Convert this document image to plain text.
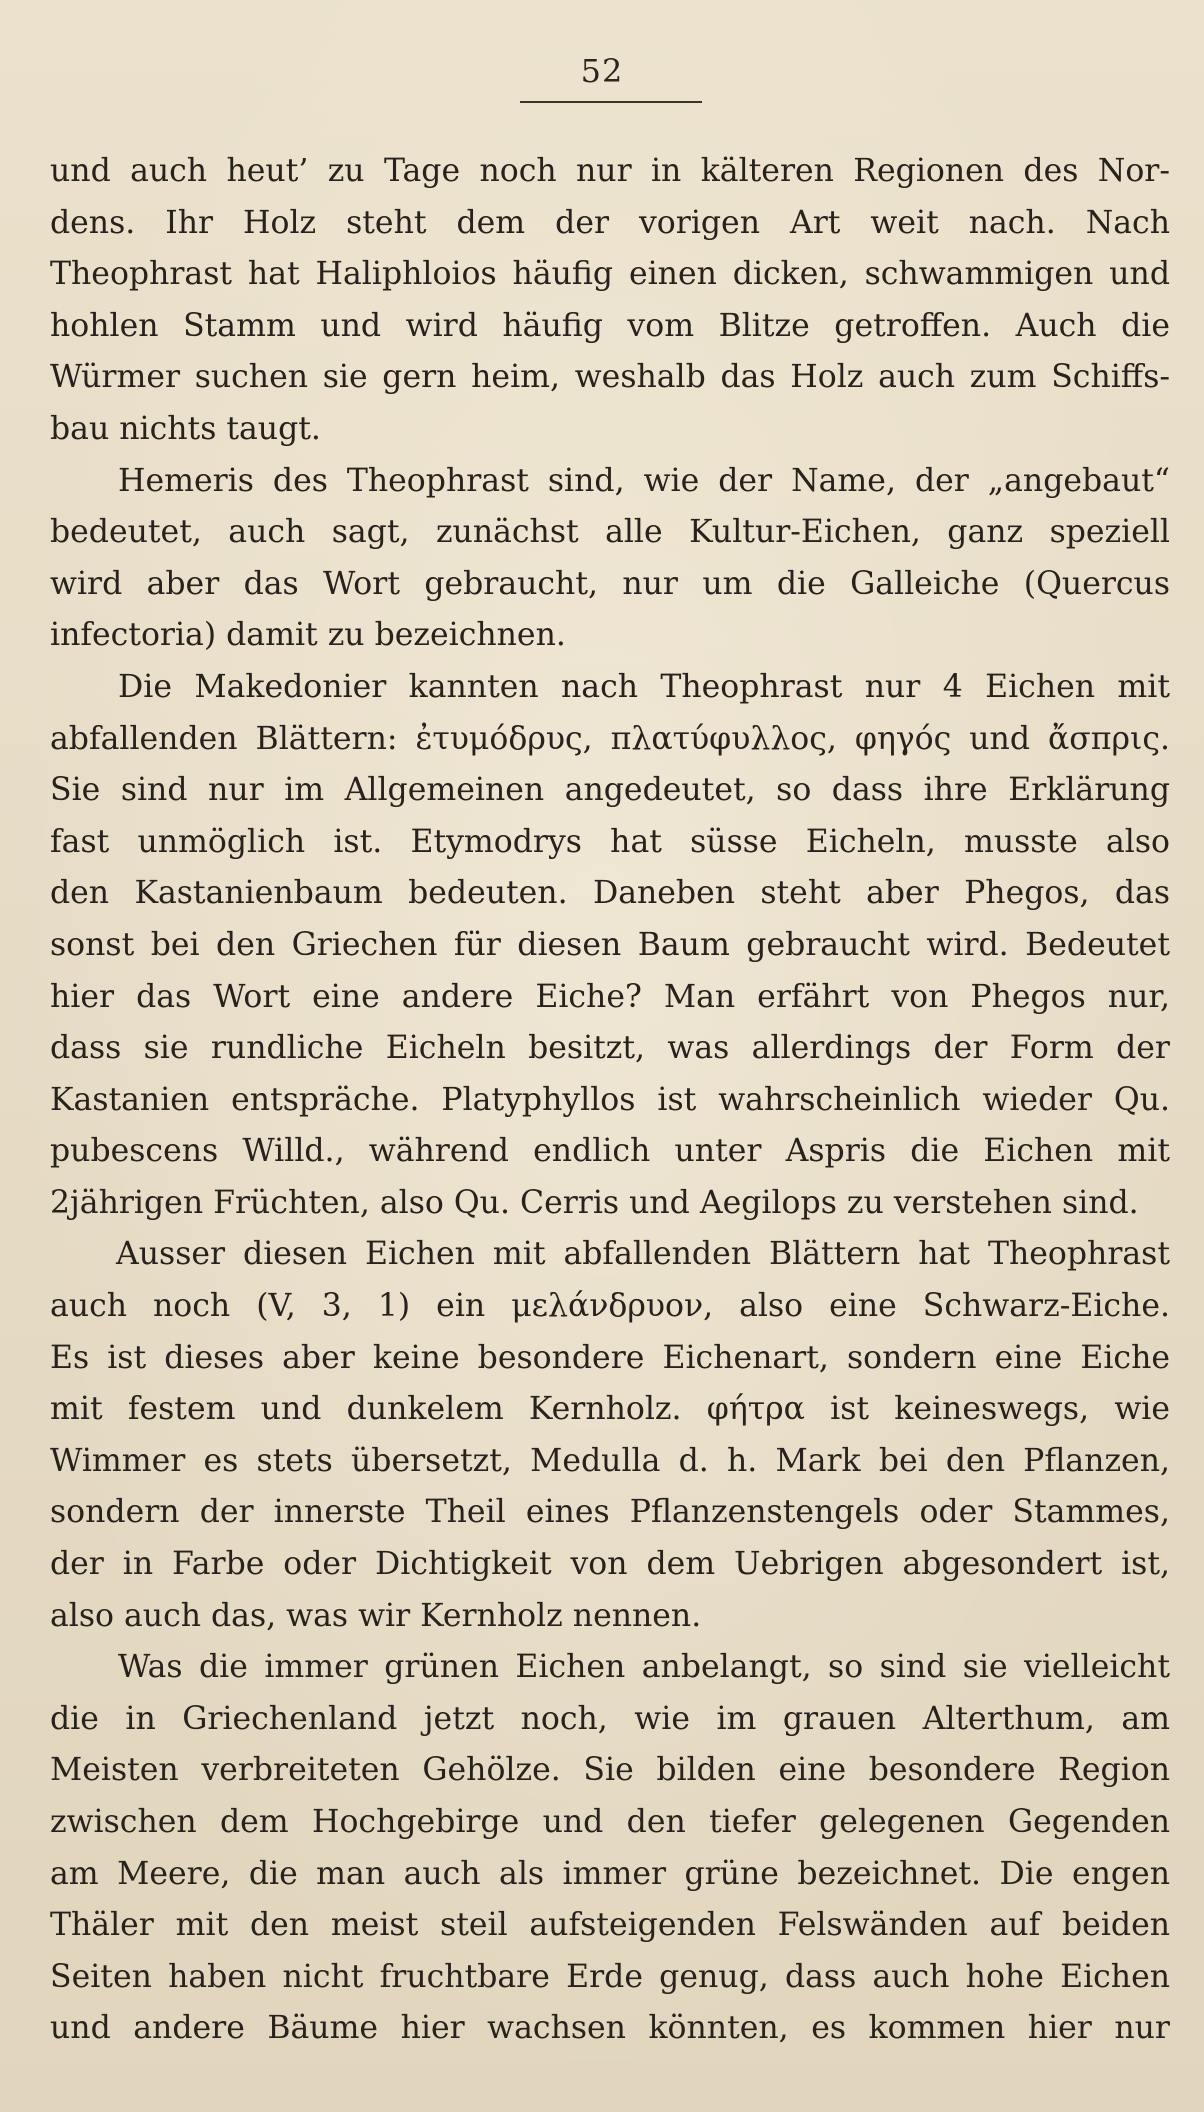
52
und auch heut’ zu Tage noch nur in kälteren Regionen des Nor-
dens. Ihr Holz steht dem der vorigen Art weit nach. Nach
Theophrast hat Haliphloios häufig einen dicken, schwammigen und
hohlen Stamm und wird häufig vom Blitze getroffen. Auch die
Würmer suchen sie gern heim, weshalb das Holz auch zum Schiffs-
bau nichts taugt.
Hemeris des Theophrast sind, wie der Name, der „angebaut“
bedeutet, auch sagt, zunächst alle Kultur-Eichen, ganz speziell
wird aber das Wort gebraucht, nur um die Galleiche (Quercus
infectoria) damit zu bezeichnen.
Die Makedonier kannten nach Theophrast nur 4 Eichen mit
abfallenden Blättern: ἐτυμόδρυς, πλατύφυλλος, φηγός und ἄσπρις.
Sie sind nur im Allgemeinen angedeutet, so dass ihre Erklärung
fast unmöglich ist. Etymodrys hat süsse Eicheln, musste also
den Kastanienbaum bedeuten. Daneben steht aber Phegos, das
sonst bei den Griechen für diesen Baum gebraucht wird. Bedeutet
hier das Wort eine andere Eiche? Man erfährt von Phegos nur,
dass sie rundliche Eicheln besitzt, was allerdings der Form der
Kastanien entspräche. Platyphyllos ist wahrscheinlich wieder Qu.
pubescens Willd., während endlich unter Aspris die Eichen mit
2jährigen Früchten, also Qu. Cerris und Aegilops zu verstehen sind.
Ausser diesen Eichen mit abfallenden Blättern hat Theophrast
auch noch (V, 3, 1) ein μελάνδρυον, also eine Schwarz-Eiche.
Es ist dieses aber keine besondere Eichenart, sondern eine Eiche
mit festem und dunkelem Kernholz. φήτρα ist keineswegs, wie
Wimmer es stets übersetzt, Medulla d. h. Mark bei den Pflanzen,
sondern der innerste Theil eines Pflanzenstengels oder Stammes,
der in Farbe oder Dichtigkeit von dem Uebrigen abgesondert ist,
also auch das, was wir Kernholz nennen.
Was die immer grünen Eichen anbelangt, so sind sie vielleicht
die in Griechenland jetzt noch, wie im grauen Alterthum, am
Meisten verbreiteten Gehölze. Sie bilden eine besondere Region
zwischen dem Hochgebirge und den tiefer gelegenen Gegenden
am Meere, die man auch als immer grüne bezeichnet. Die engen
Thäler mit den meist steil aufsteigenden Felswänden auf beiden
Seiten haben nicht fruchtbare Erde genug, dass auch hohe Eichen
und andere Bäume hier wachsen könnten, es kommen hier nur
